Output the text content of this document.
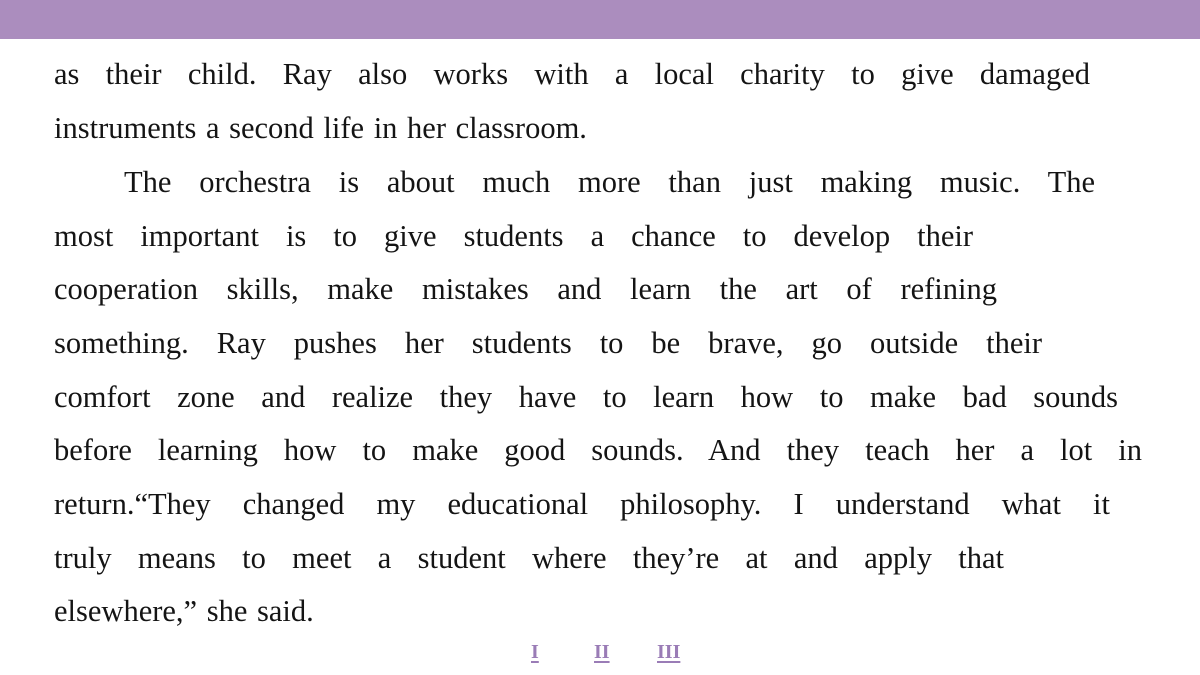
as their child. Ray also works with a local charity to give damaged
instruments a second life in her classroom.
The orchestra is about much more than just making music. The
most important is to give students a chance to develop their
cooperation skills, make mistakes and learn the art of refining
something. Ray pushes her students to be brave, go outside their
comfort zone and realize they have to learn how to make bad sounds
before learning how to make good sounds. And they teach her a lot in
return.“They changed my educational philosophy. I understand what it
truly means to meet a student where they’re at and apply that
elsewhere,” she said.
I	II III
